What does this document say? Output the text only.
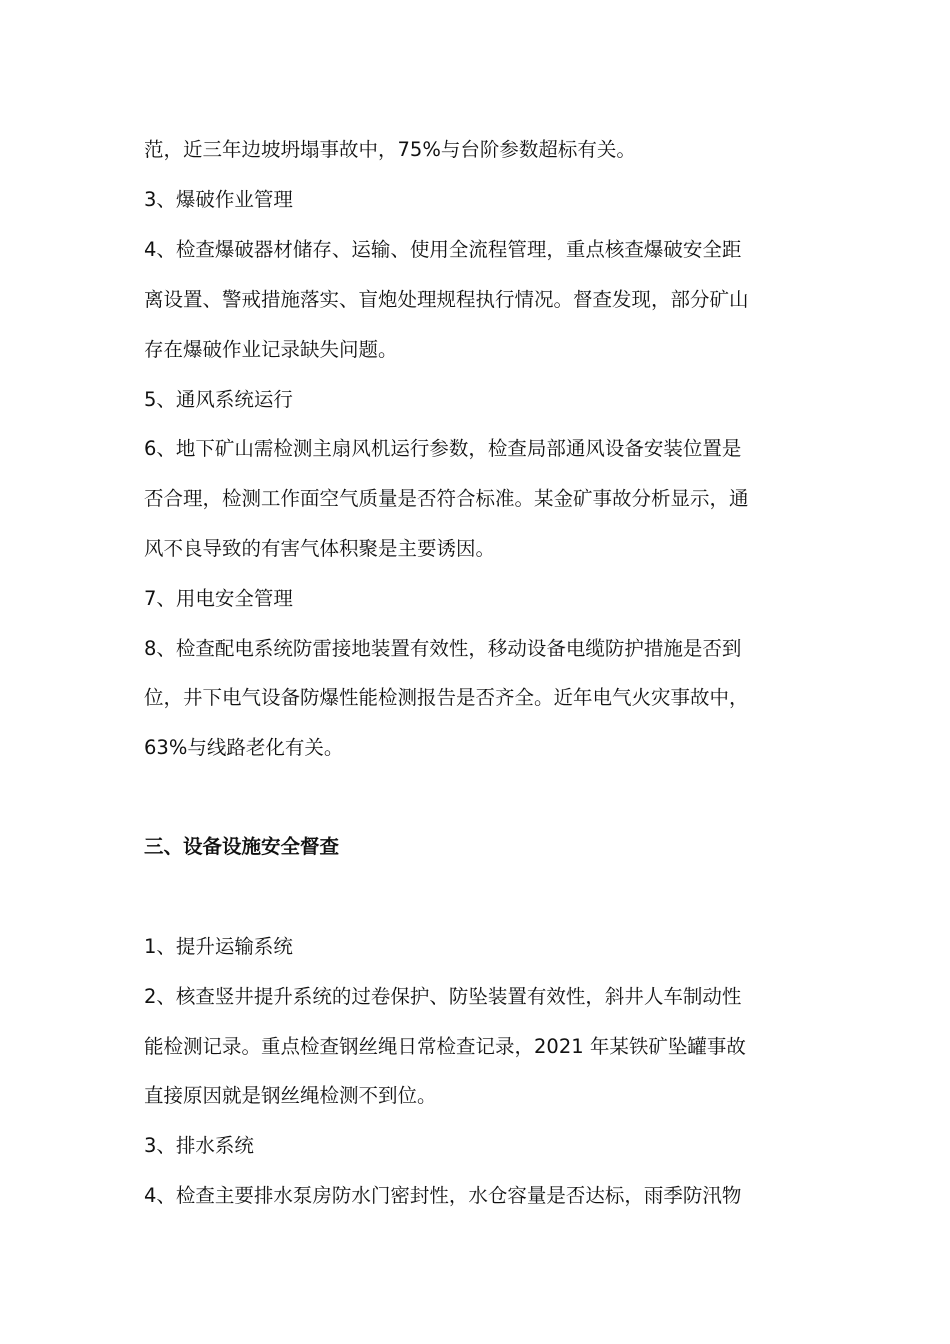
范，近三年边坡坍塌事故中，75%与台阶参数超标有关。

3、爆破作业管理

4、检查爆破器材储存、运输、使用全流程管理，重点核查爆破安全距

离设置、警戒措施落实、盲炮处理规程执行情况。督查发现，部分矿山

存在爆破作业记录缺失问题。

5、通风系统运行

6、地下矿山需检测主扇风机运行参数，检查局部通风设备安装位置是

否合理，检测工作面空气质量是否符合标准。某金矿事故分析显示，通

风不良导致的有害气体积聚是主要诱因。

7、用电安全管理

8、检查配电系统防雷接地装置有效性，移动设备电缆防护措施是否到

位，井下电气设备防爆性能检测报告是否齐全。近年电气火灾事故中，

63%与线路老化有关。

三、设备设施安全督查

1、提升运输系统

2、核查竖井提升系统的过卷保护、防坠装置有效性，斜井人车制动性

能检测记录。重点检查钢丝绳日常检查记录，2021 年某铁矿坠罐事故

直接原因就是钢丝绳检测不到位。

3、排水系统

4、检查主要排水泵房防水门密封性，水仓容量是否达标，雨季防汛物
